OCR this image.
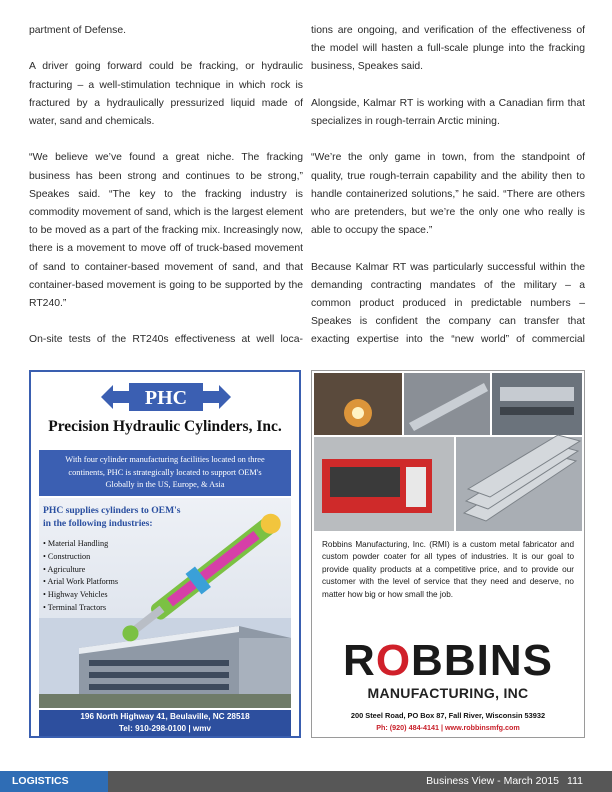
partment of Defense.

A driver going forward could be fracking, or hydraulic fracturing – a well-stimulation technique in which rock is fractured by a hydraulically pressurized liquid made of water, sand and chemicals.

“We believe we’ve found a great niche. The fracking business has been strong and continues to be strong,” Speakes said. “The key to the fracking industry is commodity movement of sand, which is the largest element to be moved as a part of the fracking mix. Increasingly now, there is a movement to move off of truck-based movement of sand to container-based movement of sand, and that container-based movement is going to be supported by the RT240.”

On-site tests of the RT240s effectiveness at well loca-

tions are ongoing, and verification of the effectiveness of the model will hasten a full-scale plunge into the fracking business, Speakes said.

Alongside, Kalmar RT is working with a Canadian firm that specializes in rough-terrain Arctic mining.

“We’re the only game in town, from the standpoint of quality, true rough-terrain capability and the ability then to handle containerized solutions,” he said. “There are others who are pretenders, but we’re the only one who really is able to occupy the space.”

Because Kalmar RT was particularly successful within the demanding contracting mandates of the military – a common product produced in predictable numbers – Speakes is confident the company can transfer that exacting expertise into the “new world” of commercial

PHC
Precision Hydraulic Cylinders, Inc.
With four cylinder manufacturing facilities located on three
continents, PHC is strategically located to support OEM's
Globally in the US, Europe, & Asia
PHC supplies cylinders to OEM's
in the following industries:
• Material Handling
• Construction
• Agriculture
• Arial Work Platforms
• Highway Vehicles
• Terminal Tractors
196 North Highway 41, Beulaville, NC 28518
Tel: 910-298-0100 | wmv
Robbins Manufacturing, Inc. (RMI) is a custom metal fabricator and custom powder coater for all types of industries. It is our goal to provide quality products at a competitive price, and to provide our customer with the level of service that they need and deserve, no matter how big or how small the job.
ROBBINS
MANUFACTURING, INC
200 Steel Road, PO Box 87, Fall River, Wisconsin 53932
Ph: (920) 484-4141 | www.robbinsmfg.com
LOGISTICS	Business View - March 2015 111
